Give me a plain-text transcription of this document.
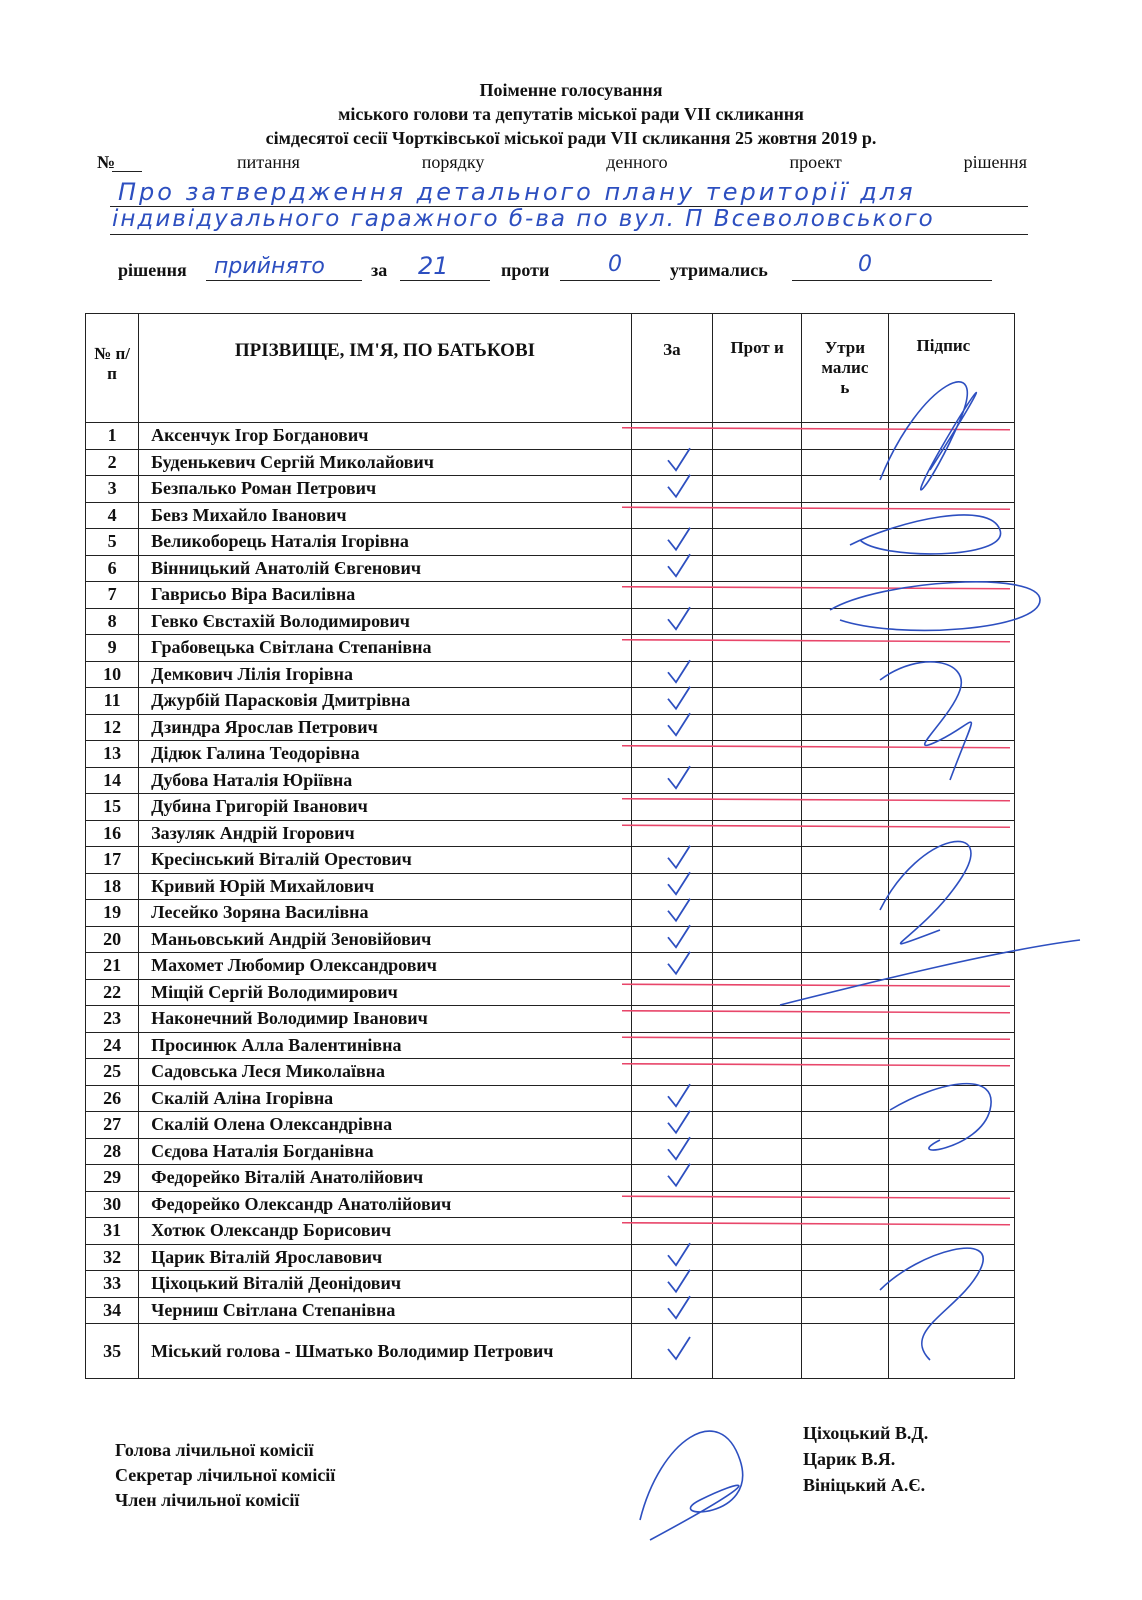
Поіменне голосування
міського голови та депутатів міської ради VII скликання
сімдесятої сесії Чортківської міської ради VII скликання 25 жовтня 2019 р.
№	питання	порядку	денного	проект	рішення
Про затвердження детального плану території для
індивідуального гаражного б-ва по вул. П Всеволовського
рішення прийнято	за 21	проти	0	утримались	0
№ п/п	ПРІЗВИЩЕ, ІМ'Я, ПО БАТЬКОВІ	За	Прот и	Утри малис ь	Підпис

1	Аксенчук Ігор Богданович				
2	Буденькевич Сергій Миколайович				
3	Безпалько Роман Петрович				
4	Бевз Михайло Іванович				
5	Великоборець Наталія Ігорівна				
6	Вінницький Анатолій Євгенович				
7	Гаврисьо Віра Василівна				
8	Гевко Євстахій Володимирович				
9	Грабовецька Світлана Степанівна				
10	Демкович Лілія Ігорівна				
11	Джурбій Парасковія Дмитрівна				
12	Дзиндра Ярослав Петрович				
13	Дідюк Галина Теодорівна				
14	Дубова Наталія Юріївна				
15	Дубина Григорій Іванович				
16	Зазуляк Андрій Ігорович				
17	Кресінський Віталій Орестович				
18	Кривий Юрій Михайлович				
19	Лесейко Зоряна Василівна				
20	Маньовський Андрій Зеновійович				
21	Махомет Любомир Олександрович				
22	Міщій Сергій Володимирович				
23	Наконечний Володимир Іванович				
24	Просинюк Алла Валентинівна				
25	Садовська Леся Миколаївна				
26	Скалій Аліна Ігорівна				
27	Скалій Олена Олександрівна				
28	Сєдова Наталія Богданівна				
29	Федорейко Віталій Анатолійович				
30	Федорейко Олександр Анатолійович				
31	Хотюк Олександр Борисович				
32	Царик Віталій Ярославович				
33	Ціхоцький Віталій Деонідович				
34	Черниш Світлана Степанівна				
35	Міський голова - Шматько Володимир Петрович				
Голова лічильної комісії
Секретар лічильної комісії
Член лічильної комісії
Ціхоцький В.Д.
Царик В.Я.
Вініцький А.Є.
